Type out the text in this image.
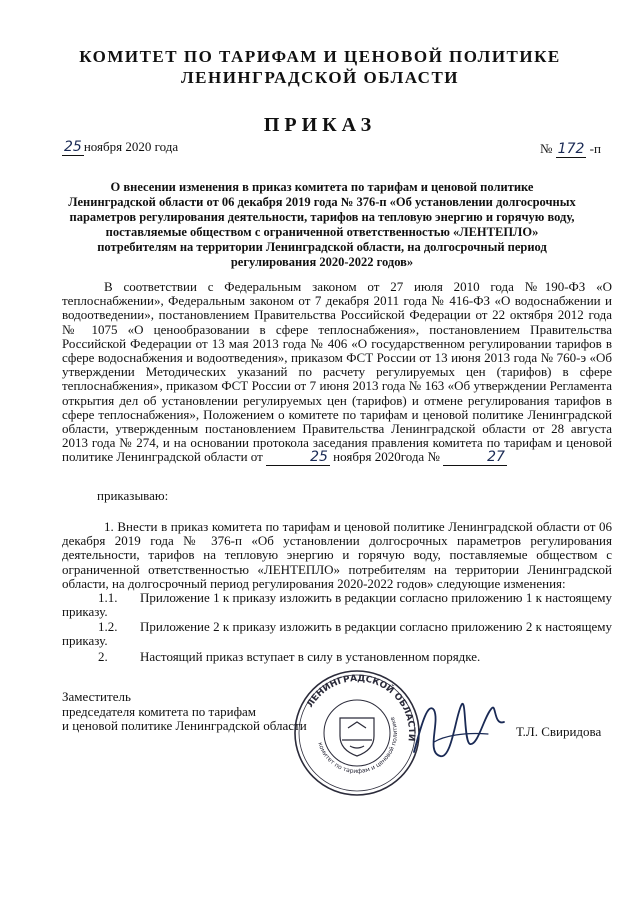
КОМИТЕТ ПО ТАРИФАМ И ЦЕНОВОЙ ПОЛИТИКЕ
ЛЕНИНГРАДСКОЙ ОБЛАСТИ
ПРИКАЗ
25 ноября 2020 года	№ 172 -п
О внесении изменения в приказ комитета по тарифам и ценовой политике Ленинградской области от 06 декабря 2019 года № 376-п «Об установлении долгосрочных параметров регулирования деятельности, тарифов на тепловую энергию и горячую воду, поставляемые обществом с ограниченной ответственностью «ЛЕНТЕПЛО» потребителям на территории Ленинградской области, на долгосрочный период регулирования 2020-2022 годов»
В соответствии с Федеральным законом от 27 июля 2010 года №190-ФЗ «О теплоснабжении», Федеральным законом от 7 декабря 2011 года № 416-ФЗ «О водоснабжении и водоотведении», постановлением Правительства Российской Федерации от 22 октября 2012 года № 1075 «О ценообразовании в сфере теплоснабжения», постановлением Правительства Российской Федерации от 13 мая 2013 года № 406 «О государственном регулировании тарифов в сфере водоснабжения и водоотведения», приказом ФСТ России от 13 июня 2013 года № 760-э «Об утверждении Методических указаний по расчету регулируемых цен (тарифов) в сфере теплоснабжения», приказом ФСТ России от 7 июня 2013 года № 163 «Об утверждении Регламента открытия дел об установлении регулируемых цен (тарифов) и отмене регулирования тарифов в сфере теплоснабжения», Положением о комитете по тарифам и ценовой политике Ленинградской области, утвержденным постановлением Правительства Ленинградской области от 28 августа 2013 года № 274, и на основании протокола заседания правления комитета по тарифам и ценовой политике Ленинградской области от	25 ноября 2020года №	27
приказываю:
1. Внести в приказ комитета по тарифам и ценовой политике Ленинградской области от 06 декабря 2019 года № 376-п «Об установлении долгосрочных параметров регулирования деятельности, тарифов на тепловую энергию и горячую воду, поставляемые обществом с ограниченной ответственностью «ЛЕНТЕПЛО» потребителям на территории Ленинградской области, на долгосрочный период регулирования 2020-2022 годов» следующие изменения:
1.1.	Приложение 1 к приказу изложить в редакции согласно приложению 1 к настоящему приказу.
1.2.	Приложение 2 к приказу изложить в редакции согласно приложению 2 к настоящему приказу.
2.	Настоящий приказ вступает в силу в установленном порядке.
Заместитель
председателя комитета по тарифам
и ценовой политике Ленинградской области
ЛЕНИНГРАДСКОЙ ОБЛАСТИ
комитет по тарифам и ценовой политике
Т.Л. Свиридова
